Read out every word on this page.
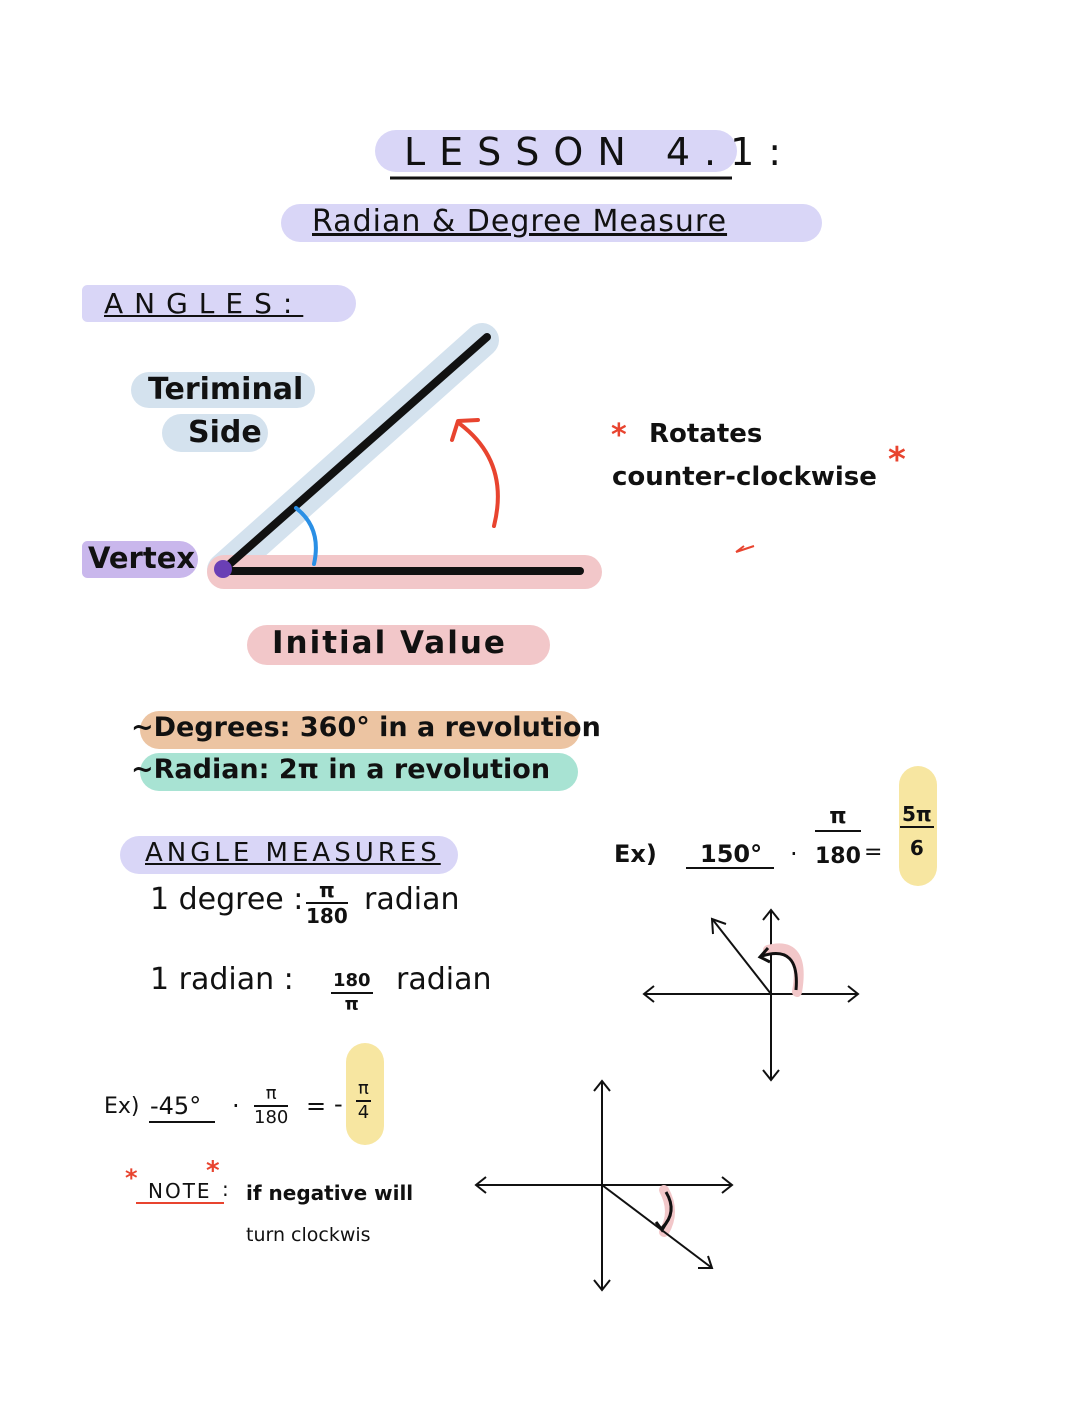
LESSON 4.1:
Radian & Degree Measure
ANGLES:
Teriminal
Side
Vertex
Initial Value
* Rotates
counter-clockwise *
~Degrees: 360° in a revolution
~Radian: 2π in a revolution
ANGLE MEASURES
1 degree : $\frac{\pi}{180}$ radian
1 radian : $\frac{180}{\pi}$ radian
Ex) $-45^\circ \cdot \frac{\pi}{180}$ = - $\frac{\pi}{4}$
*	*
NOTE : if negative will
turn clockwis
Ex) $150^\circ \cdot \frac{\pi}{180} = \frac{5\pi}{6}$
